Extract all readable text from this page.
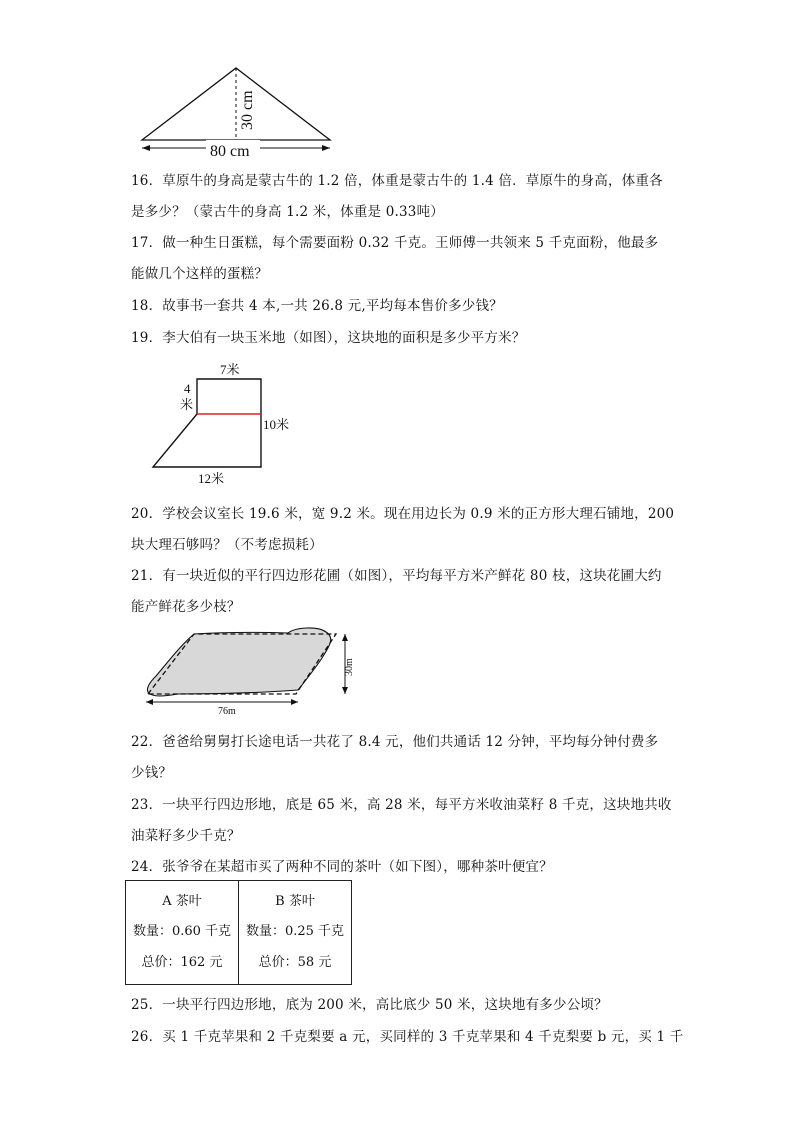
30 cm
80 cm
16．草原牛的身高是蒙古牛的 1.2 倍，体重是蒙古牛的 1.4 倍．草原牛的身高，体重各
是多少？（蒙古牛的身高 1.2 米，体重是 0.33吨）
17．做一种生日蛋糕，每个需要面粉 0.32 千克。王师傅一共领来 5 千克面粉，他最多
能做几个这样的蛋糕？
18．故事书一套共 4 本,一共 26.8 元,平均每本售价多少钱？
19．李大伯有一块玉米地（如图），这块地的面积是多少平方米？
7米
4
米
10米
12米
20．学校会议室长 19.6 米，宽 9.2 米。现在用边长为 0.9 米的正方形大理石铺地，200
块大理石够吗？（不考虑损耗）
21．有一块近似的平行四边形花圃（如图），平均每平方米产鲜花 80 枝，这块花圃大约
能产鲜花多少枝？
30m
76m
22．爸爸给舅舅打长途电话一共花了 8.4 元，他们共通话 12 分钟，平均每分钟付费多
少钱？
23．一块平行四边形地，底是 65 米，高 28 米，每平方米收油菜籽 8 千克，这块地共收
油菜籽多少千克？
24．张爷爷在某超市买了两种不同的茶叶（如下图），哪种茶叶便宜？
A 茶叶
数量：0.60 千克
总价：162 元
B 茶叶
数量：0.25 千克
总价：58 元
25．一块平行四边形地，底为 200 米，高比底少 50 米，这块地有多少公顷？
26．买 1 千克苹果和 2 千克梨要 a 元，买同样的 3 千克苹果和 4 千克梨要 b 元，买 1 千
